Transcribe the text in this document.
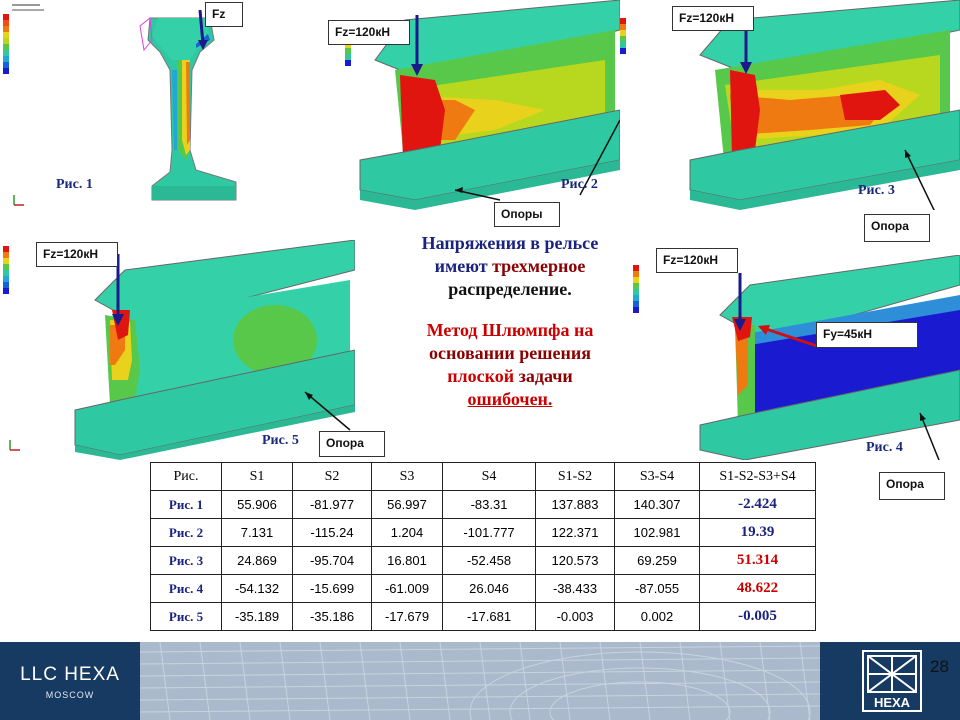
Fz
Рис. 1
Fz=120кН
Опоры
Рис. 2
Fz=120кН
Опора
Рис. 3
Fz=120кН
Опора
Рис. 5
Fz=120кН
Fy=45кН
Опора
Рис. 4
Напряжения в рельсе
имеют трехмерное
распределение.
Метод Шлюмпфа на
основании решения
плоской задачи
ошибочен.
Рис.	S1	S2	S3	S4	S1-S2	S3-S4	S1-S2-S3+S4
Рис. 1	55.906	-81.977	56.997	-83.31	137.883	140.307	-2.424
Рис. 2	7.131	-115.24	1.204	-101.777	122.371	102.981	19.39
Рис. 3	24.869	-95.704	16.801	-52.458	120.573	69.259	51.314
Рис. 4	-54.132	-15.699	-61.009	26.046	-38.433	-87.055	48.622
Рис. 5	-35.189	-35.186	-17.679	-17.681	-0.003	0.002	-0.005
LLC HEXA
MOSCOW	HEXA
28
